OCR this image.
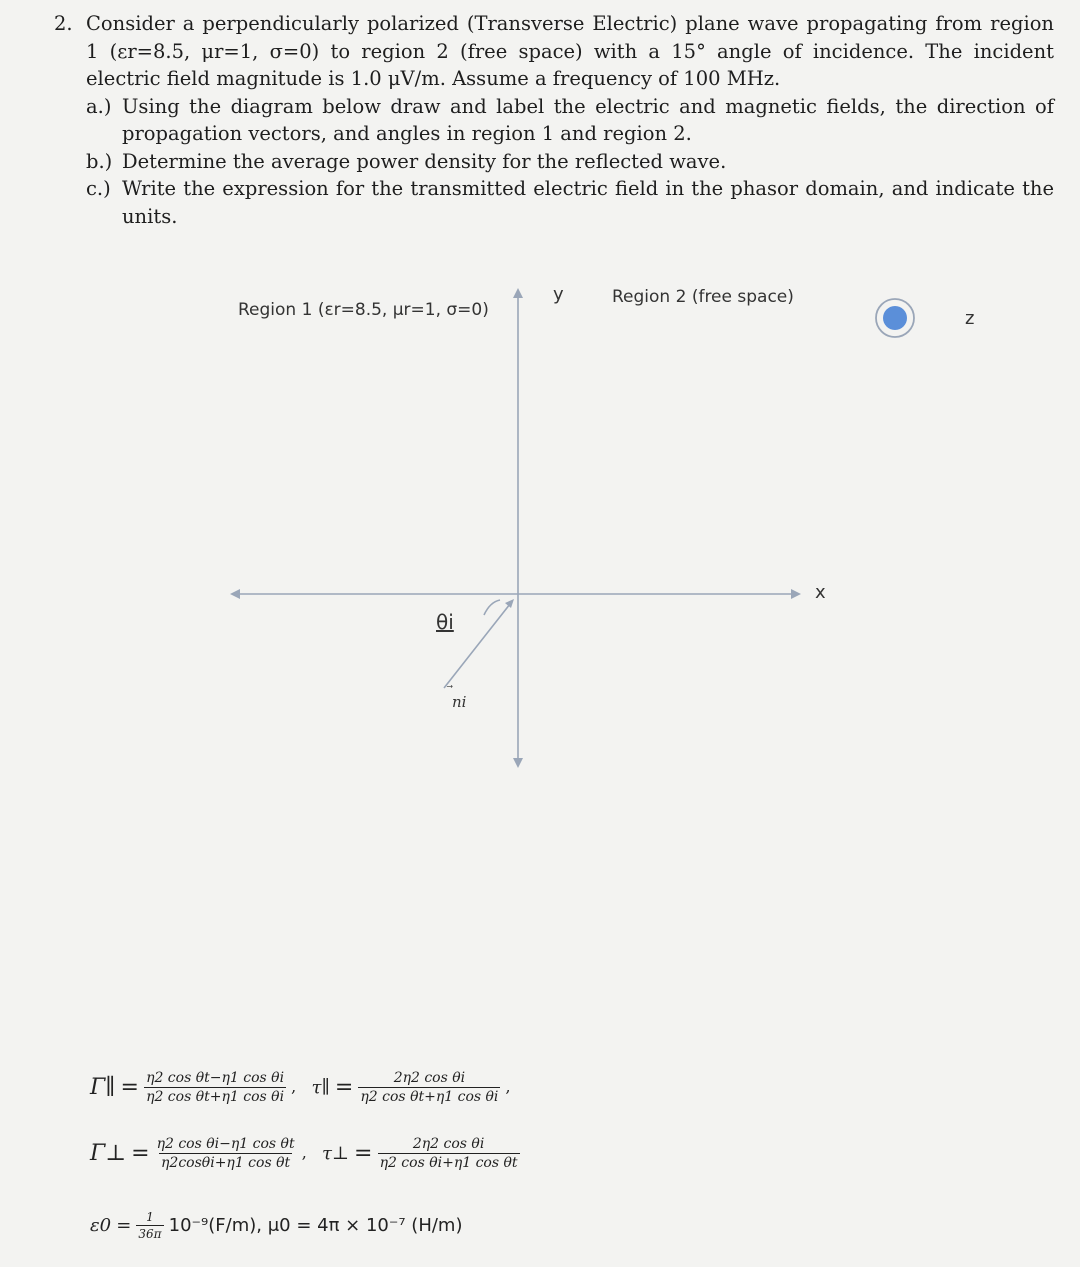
2. Consider a perpendicularly polarized (Transverse Electric) plane wave propagating from region 1 (εr=8.5, μr=1, σ=0) to region 2 (free space) with a 15° angle of incidence. The incident electric field magnitude is 1.0 μV/m. Assume a frequency of 100 MHz.
a.) Using the diagram below draw and label the electric and magnetic fields, the direction of propagation vectors, and angles in region 1 and region 2.
b.) Determine the average power density for the reflected wave.
c.) Write the expression for the transmitted electric field in the phasor domain, and indicate the units.
Region 1 (εr=8.5, μr=1, σ=0)
Region 2 (free space)
y
x
z
θi
ni
Γ∥ = $\frac{\text{η2 cos θt−η1 cos θi}}{\text{η2 cos θt+η1 cos θi}}$ ,   τ∥ = $\frac{\text{2η2 cos θi}}{\text{η2 cos θt+η1 cos θi}}$ ,
Γ⊥ = $\frac{\text{η2 cos θi−η1 cos θt}}{\text{η2cosθi+η1 cos θt}}$ ,   τ⊥ = $\frac{\text{2η2 cos θi}}{\text{η2 cos θi+η1 cos θt}}$
$\varepsilon 0 = \frac{1}{36\pi} 10^{-9}(F/m)$, μ0 = 4π × 10⁻⁷ (H/m)
